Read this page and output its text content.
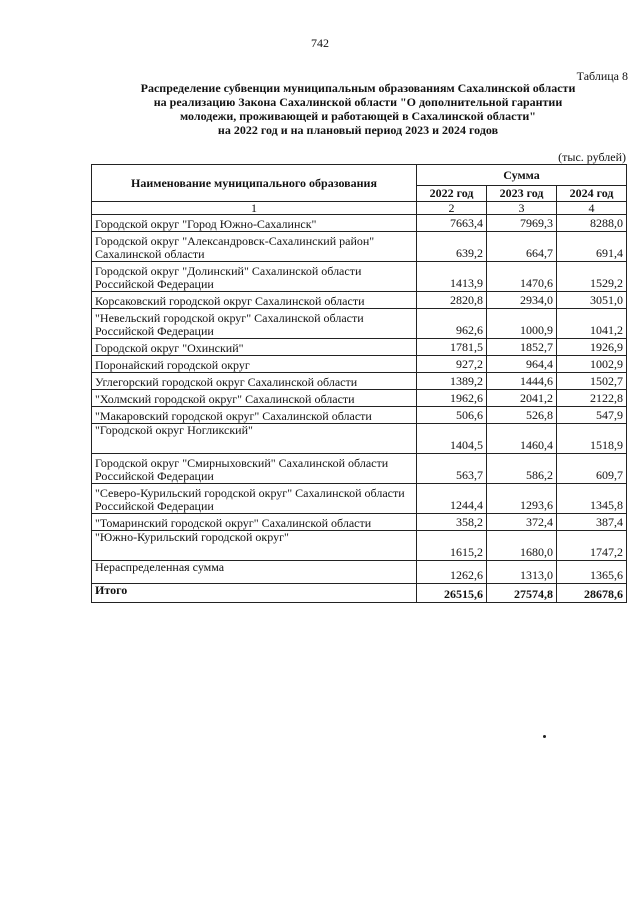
742
Таблица 8
Распределение субвенции муниципальным образованиям Сахалинской области
на реализацию Закона Сахалинской области "О дополнительной гарантии
молодежи, проживающей и работающей в Сахалинской области"
на 2022 год и на плановый период 2023 и 2024 годов
(тыс. рублей)
Наименование муниципального образования	Сумма		
	2022 год	2023 год	2024 год
1	2	3	4
Городской округ "Город Южно-Сахалинск"	7663,4	7969,3	8288,0
Городской округ "Александровск-Сахалинский район" Сахалинской области	639,2	664,7	691,4
Городской округ "Долинский" Сахалинской области Российской Федерации	1413,9	1470,6	1529,2
Корсаковский городской округ Сахалинской области	2820,8	2934,0	3051,0
"Невельский городской округ" Сахалинской области Российской Федерации	962,6	1000,9	1041,2
Городской округ "Охинский"	1781,5	1852,7	1926,9
Поронайский городской округ	927,2	964,4	1002,9
Углегорский городской округ Сахалинской области	1389,2	1444,6	1502,7
"Холмский городской округ" Сахалинской области	1962,6	2041,2	2122,8
"Макаровский городской округ" Сахалинской области	506,6	526,8	547,9
"Городской округ Ногликский"	1404,5	1460,4	1518,9
Городской округ "Смирныховский" Сахалинской области Российской Федерации	563,7	586,2	609,7
"Северо-Курильский городской округ" Сахалинской области Российской Федерации	1244,4	1293,6	1345,8
"Томаринский городской округ" Сахалинской области	358,2	372,4	387,4
"Южно-Курильский городской округ"	1615,2	1680,0	1747,2
Нераспределенная сумма	1262,6	1313,0	1365,6
Итого	26515,6	27574,8	28678,6
